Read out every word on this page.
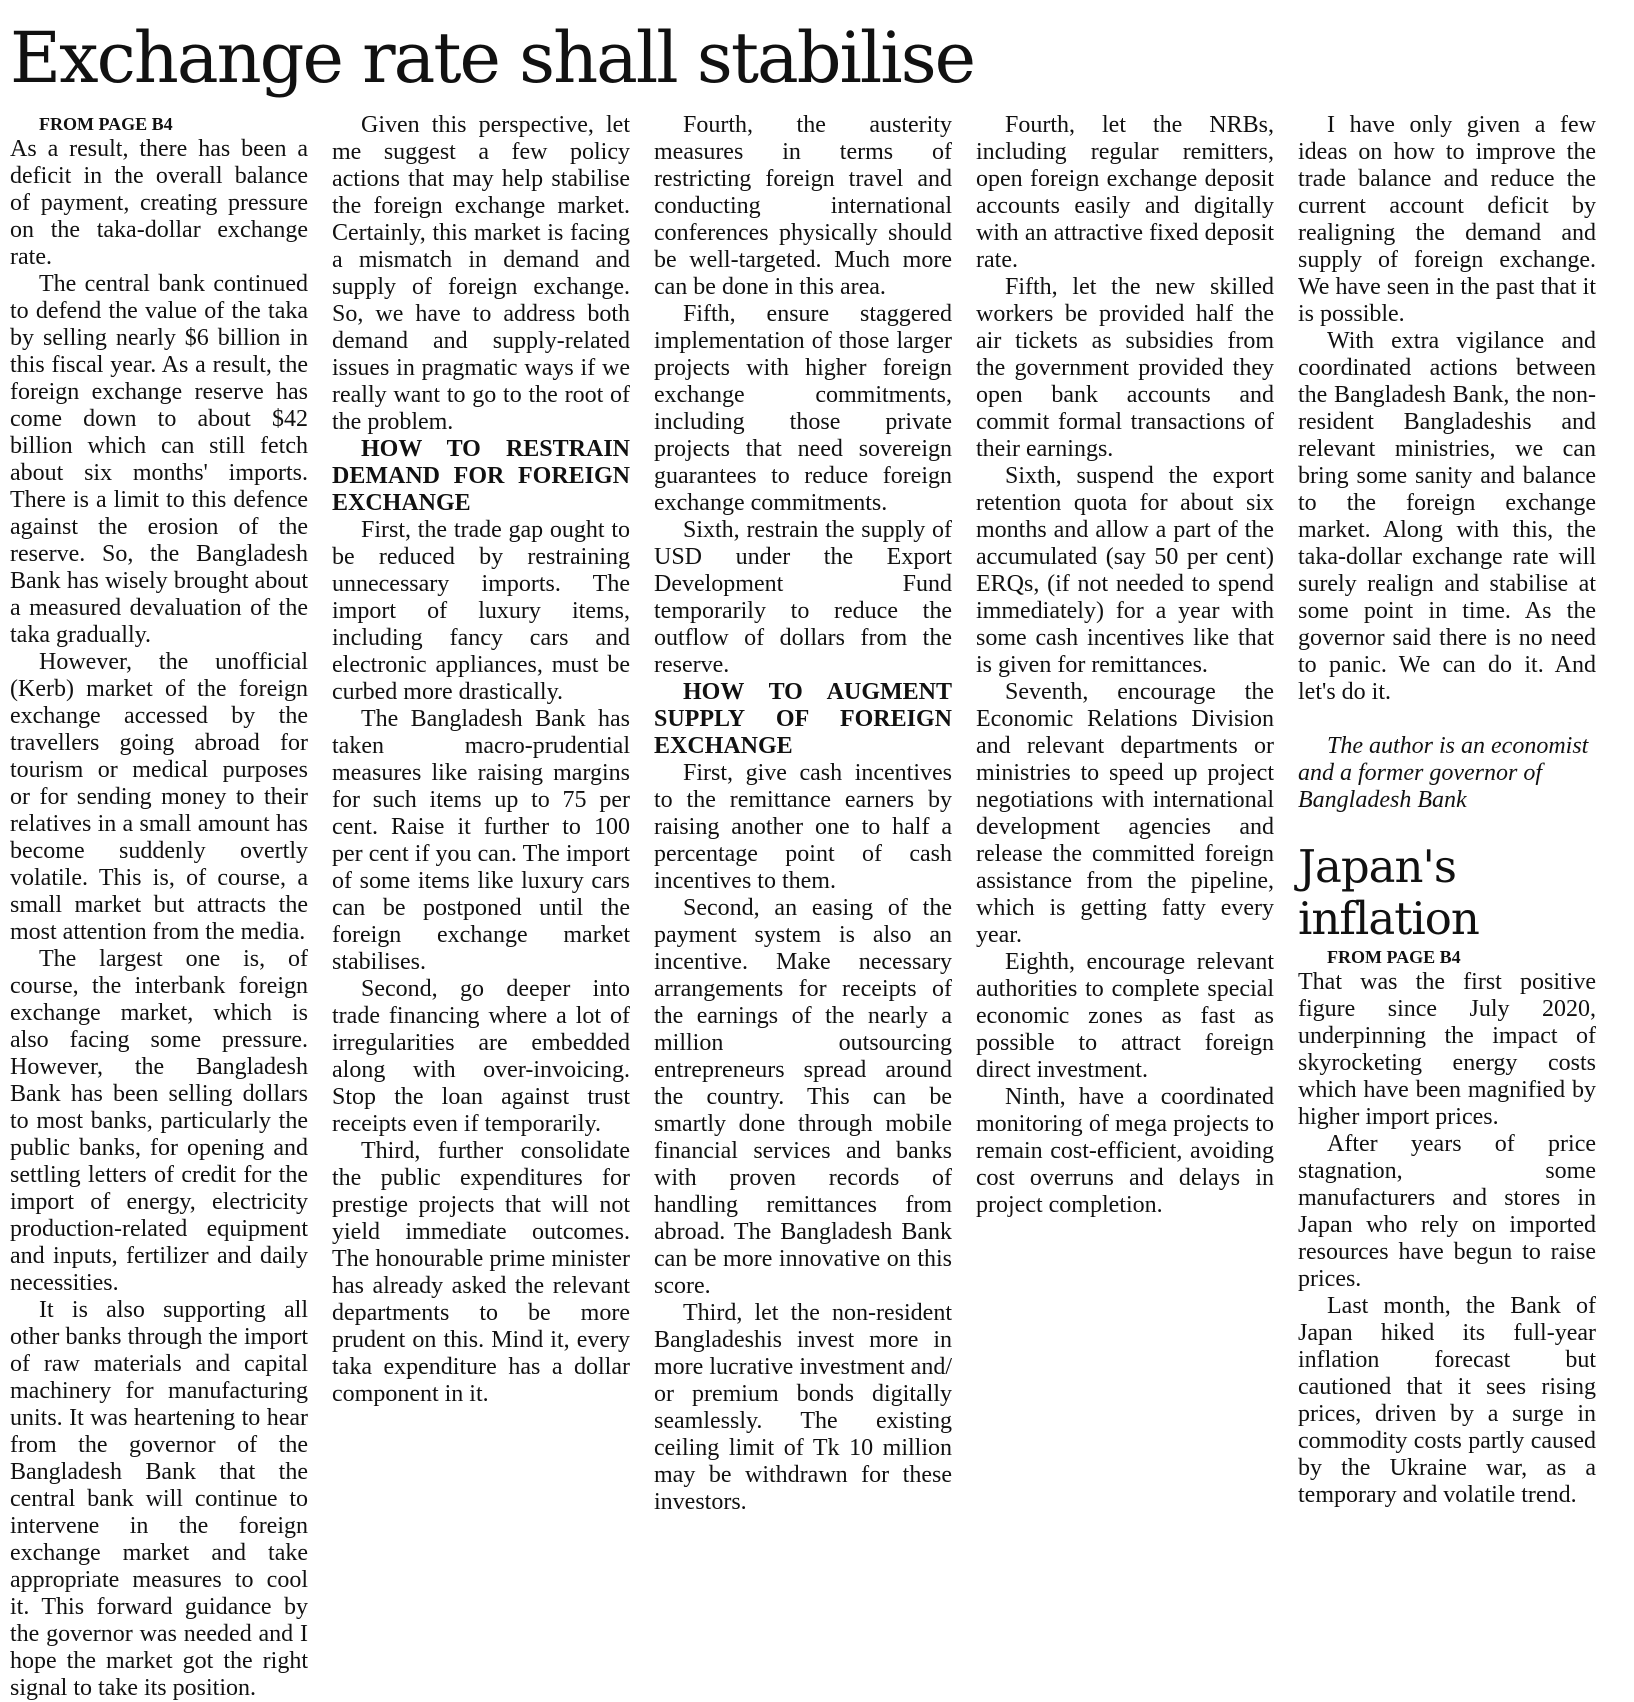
Exchange rate shall stabilise

FROM PAGE B4

As a result, there has been a deficit in the overall balance of payment, creating pressure on the taka-dollar exchange rate.

The central bank continued to defend the value of the taka by selling nearly $6 billion in this fiscal year. As a result, the foreign exchange reserve has come down to about $42 billion which can still fetch about six months' imports. There is a limit to this defence against the erosion of the reserve. So, the Bangladesh Bank has wisely brought about a measured devaluation of the taka gradually.

However, the unofficial (Kerb) market of the foreign exchange accessed by the travellers going abroad for tourism or medical purposes or for sending money to their relatives in a small amount has become suddenly overtly volatile. This is, of course, a small market but attracts the most attention from the media.

The largest one is, of course, the interbank foreign exchange market, which is also facing some pressure. However, the Bangladesh Bank has been selling dollars to most banks, particularly the public banks, for opening and settling letters of credit for the import of energy, electricity production-related equipment and inputs, fertilizer and daily necessities.

It is also supporting all other banks through the import of raw materials and capital machinery for manufacturing units. It was heartening to hear from the governor of the Bangladesh Bank that the central bank will continue to intervene in the foreign exchange market and take appropriate measures to cool it. This forward guidance by the governor was needed and I hope the market got the right signal to take its position.

Given this perspective, let me suggest a few policy actions that may help stabilise the foreign exchange market. Certainly, this market is facing a mismatch in demand and supply of foreign exchange. So, we have to address both demand and supply-related issues in pragmatic ways if we really want to go to the root of the problem.

HOW TO RESTRAIN DEMAND FOR FOREIGN EXCHANGE

First, the trade gap ought to be reduced by restraining unnecessary imports. The import of luxury items, including fancy cars and electronic appliances, must be curbed more drastically.

The Bangladesh Bank has taken macro-prudential measures like raising margins for such items up to 75 per cent. Raise it further to 100 per cent if you can. The import of some items like luxury cars can be postponed until the foreign exchange market stabilises.

Second, go deeper into trade financing where a lot of irregularities are embedded along with over-invoicing. Stop the loan against trust receipts even if temporarily.

Third, further consolidate the public expenditures for prestige projects that will not yield immediate outcomes. The honourable prime minister has already asked the relevant departments to be more prudent on this. Mind it, every taka expenditure has a dollar component in it.

Fourth, the austerity measures in terms of restricting foreign travel and conducting international conferences physically should be well-targeted. Much more can be done in this area.

Fifth, ensure staggered implementation of those larger projects with higher foreign exchange commitments, including those private projects that need sovereign guarantees to reduce foreign exchange commitments.

Sixth, restrain the supply of USD under the Export Development Fund temporarily to reduce the outflow of dollars from the reserve.

HOW TO AUGMENT SUPPLY OF FOREIGN EXCHANGE

First, give cash incentives to the remittance earners by raising another one to half a percentage point of cash incentives to them.

Second, an easing of the payment system is also an incentive. Make necessary arrangements for receipts of the earnings of the nearly a million outsourcing entrepreneurs spread around the country. This can be smartly done through mobile financial services and banks with proven records of handling remittances from abroad. The Bangladesh Bank can be more innovative on this score.

Third, let the non-resident Bangladeshis invest more in more lucrative investment and/ or premium bonds digitally seamlessly. The existing ceiling limit of Tk 10 million may be withdrawn for these investors.

Fourth, let the NRBs, including regular remitters, open foreign exchange deposit accounts easily and digitally with an attractive fixed deposit rate.

Fifth, let the new skilled workers be provided half the air tickets as subsidies from the government provided they open bank accounts and commit formal transactions of their earnings.

Sixth, suspend the export retention quota for about six months and allow a part of the accumulated (say 50 per cent) ERQs, (if not needed to spend immediately) for a year with some cash incentives like that is given for remittances.

Seventh, encourage the Economic Relations Division and relevant departments or ministries to speed up project negotiations with international development agencies and release the committed foreign assistance from the pipeline, which is getting fatty every year.

Eighth, encourage relevant authorities to complete special economic zones as fast as possible to attract foreign direct investment.

Ninth, have a coordinated monitoring of mega projects to remain cost-efficient, avoiding cost overruns and delays in project completion.

I have only given a few ideas on how to improve the trade balance and reduce the current account deficit by realigning the demand and supply of foreign exchange. We have seen in the past that it is possible.

With extra vigilance and coordinated actions between the Bangladesh Bank, the non-resident Bangladeshis and relevant ministries, we can bring some sanity and balance to the foreign exchange market. Along with this, the taka-dollar exchange rate will surely realign and stabilise at some point in time. As the governor said there is no need to panic. We can do it. And let's do it.

The author is an economist and a former governor of Bangladesh Bank

Japan's inflation

FROM PAGE B4

That was the first positive figure since July 2020, underpinning the impact of skyrocketing energy costs which have been magnified by higher import prices.

After years of price stagnation, some manufacturers and stores in Japan who rely on imported resources have begun to raise prices.

Last month, the Bank of Japan hiked its full-year inflation forecast but cautioned that it sees rising prices, driven by a surge in commodity costs partly caused by the Ukraine war, as a temporary and volatile trend.
